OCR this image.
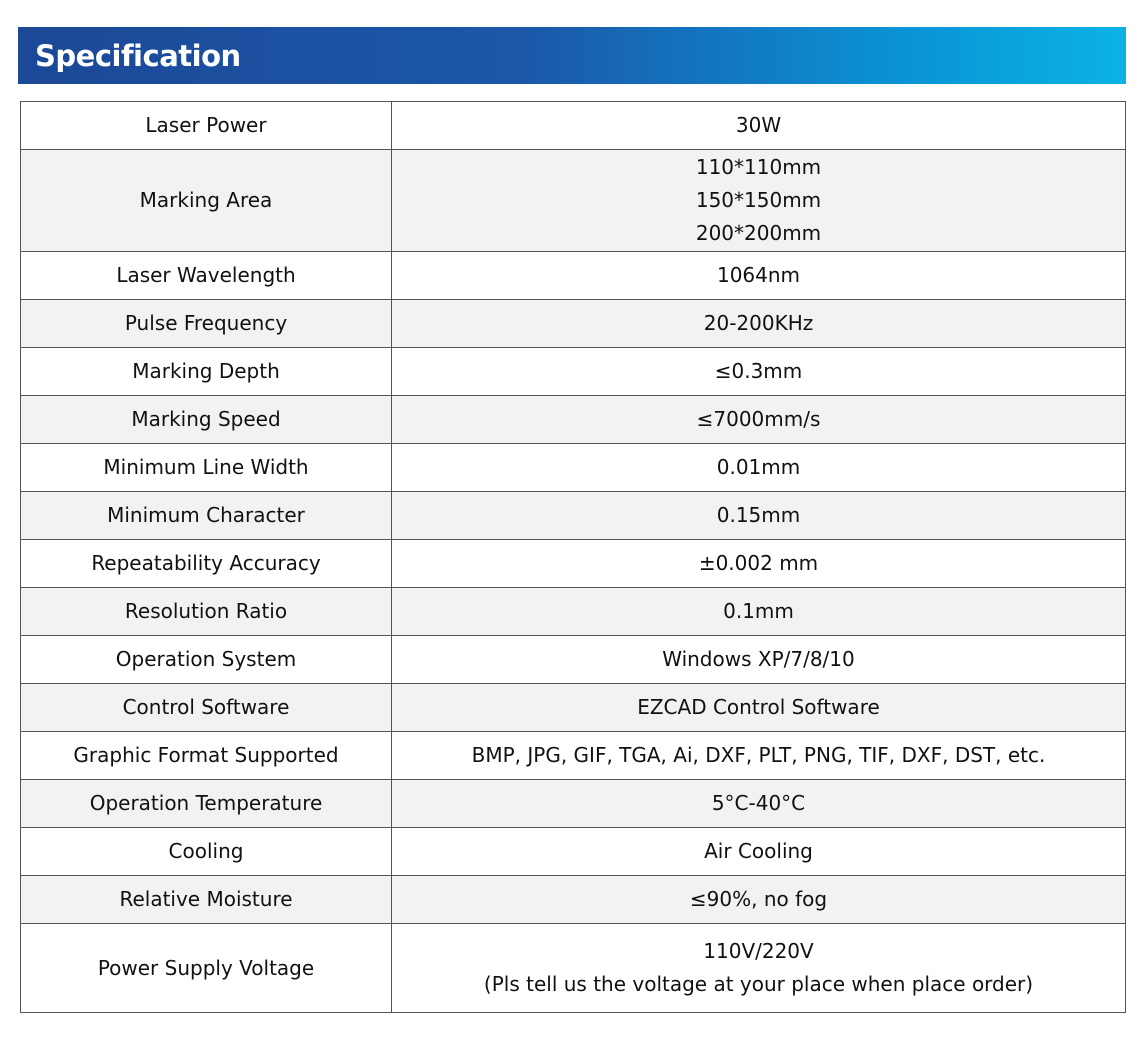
Specification
Laser Power	30W

Marking Area	110*110mm
150*150mm
200*200mm

Laser Wavelength	1064nm

Pulse Frequency	20-200KHz

Marking Depth	≤0.3mm

Marking Speed	≤7000mm/s

Minimum Line Width	0.01mm

Minimum Character	0.15mm

Repeatability Accuracy	±0.002 mm

Resolution Ratio	0.1mm

Operation System	Windows XP/7/8/10

Control Software	EZCAD Control Software

Graphic Format Supported	BMP, JPG, GIF, TGA, Ai, DXF, PLT, PNG, TIF, DXF, DST, etc.

Operation Temperature	5°C-40°C

Cooling	Air Cooling

Relative Moisture	≤90%, no fog

Power Supply Voltage	110V/220V
(Pls tell us the voltage at your place when place order)
